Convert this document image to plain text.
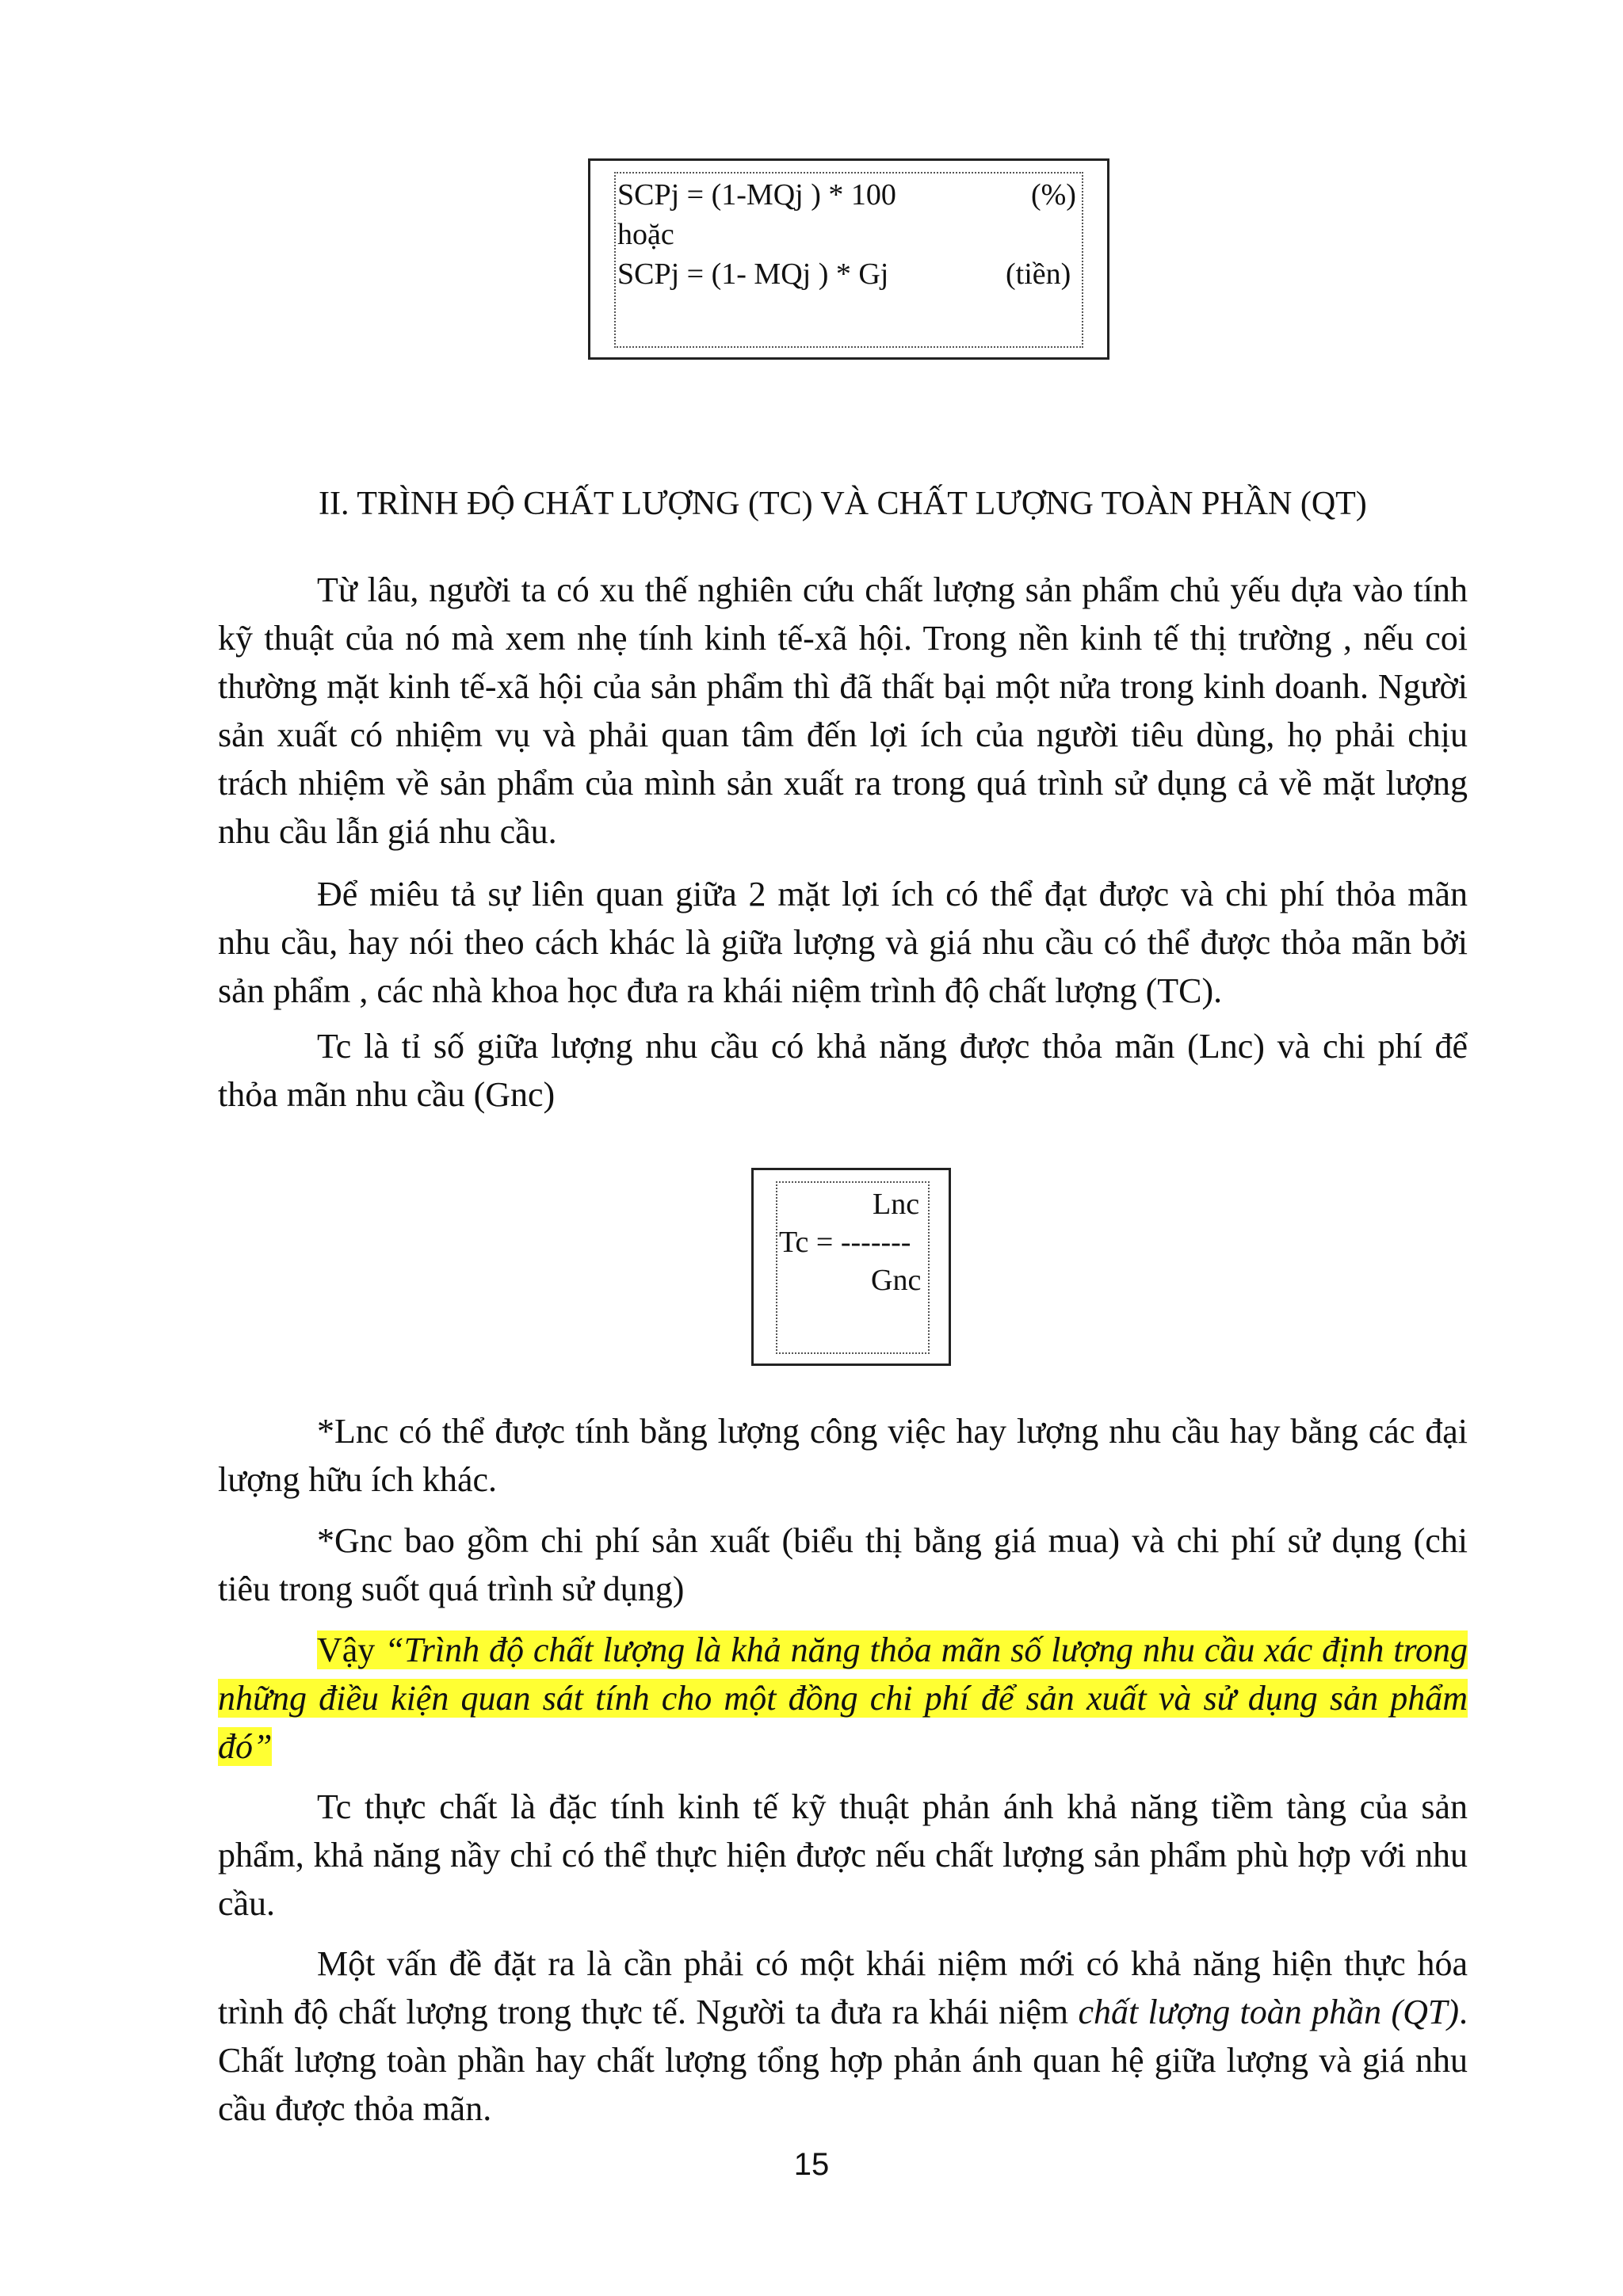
SCPj = (1-MQj ) * 100	(%)
hoặc
SCPj = (1- MQj ) * Gj	(tiền)
II. TRÌNH ĐỘ CHẤT LƯỢNG (TC) VÀ CHẤT LƯỢNG TOÀN PHẦN (QT)

Từ lâu, người ta có xu thế nghiên cứu chất lượng sản phẩm chủ yếu dựa vào tính kỹ thuật của nó mà xem nhẹ tính kinh tế-xã hội. Trong nền kinh tế thị trường , nếu coi thường mặt kinh tế-xã hội của sản phẩm thì đã thất bại một nửa trong kinh doanh. Người sản xuất có nhiệm vụ và phải quan tâm đến lợi ích của người tiêu dùng, họ phải chịu trách nhiệm về sản phẩm của mình sản xuất ra trong quá trình sử dụng cả về mặt lượng nhu cầu lẫn giá nhu cầu.

Để miêu tả sự liên quan giữa 2 mặt lợi ích có thể đạt được và chi phí thỏa mãn nhu cầu, hay nói theo cách khác là giữa lượng và giá nhu cầu có thể được thỏa mãn bởi sản phẩm , các nhà khoa học đưa ra khái niệm trình độ chất lượng (TC).

Tc là tỉ số giữa lượng nhu cầu có khả năng được thỏa mãn (Lnc) và chi phí để thỏa mãn nhu cầu (Gnc)

Lnc
Tc = -------
Gnc

*Lnc có thể được tính bằng lượng công việc hay lượng nhu cầu hay bằng các đại lượng hữu ích khác.

*Gnc bao gồm chi phí sản xuất (biểu thị bằng giá mua) và chi phí sử dụng (chi tiêu trong suốt quá trình sử dụng)

Vậy “Trình độ chất lượng là khả năng thỏa mãn số lượng nhu cầu xác định trong những điều kiện quan sát tính cho một đồng chi phí để sản xuất và sử dụng sản phẩm đó”

Tc thực chất là đặc tính kinh tế kỹ thuật phản ánh khả năng tiềm tàng của sản phẩm, khả năng nầy chỉ có thể thực hiện được nếu chất lượng sản phẩm phù hợp với nhu cầu.

Một vấn đề đặt ra là cần phải có một khái niệm mới có khả năng hiện thực hóa trình độ chất lượng trong thực tế. Người ta đưa ra khái niệm chất lượng toàn phần (QT). Chất lượng toàn phần hay chất lượng tổng hợp phản ánh quan hệ giữa lượng và giá nhu cầu được thỏa mãn.

15
